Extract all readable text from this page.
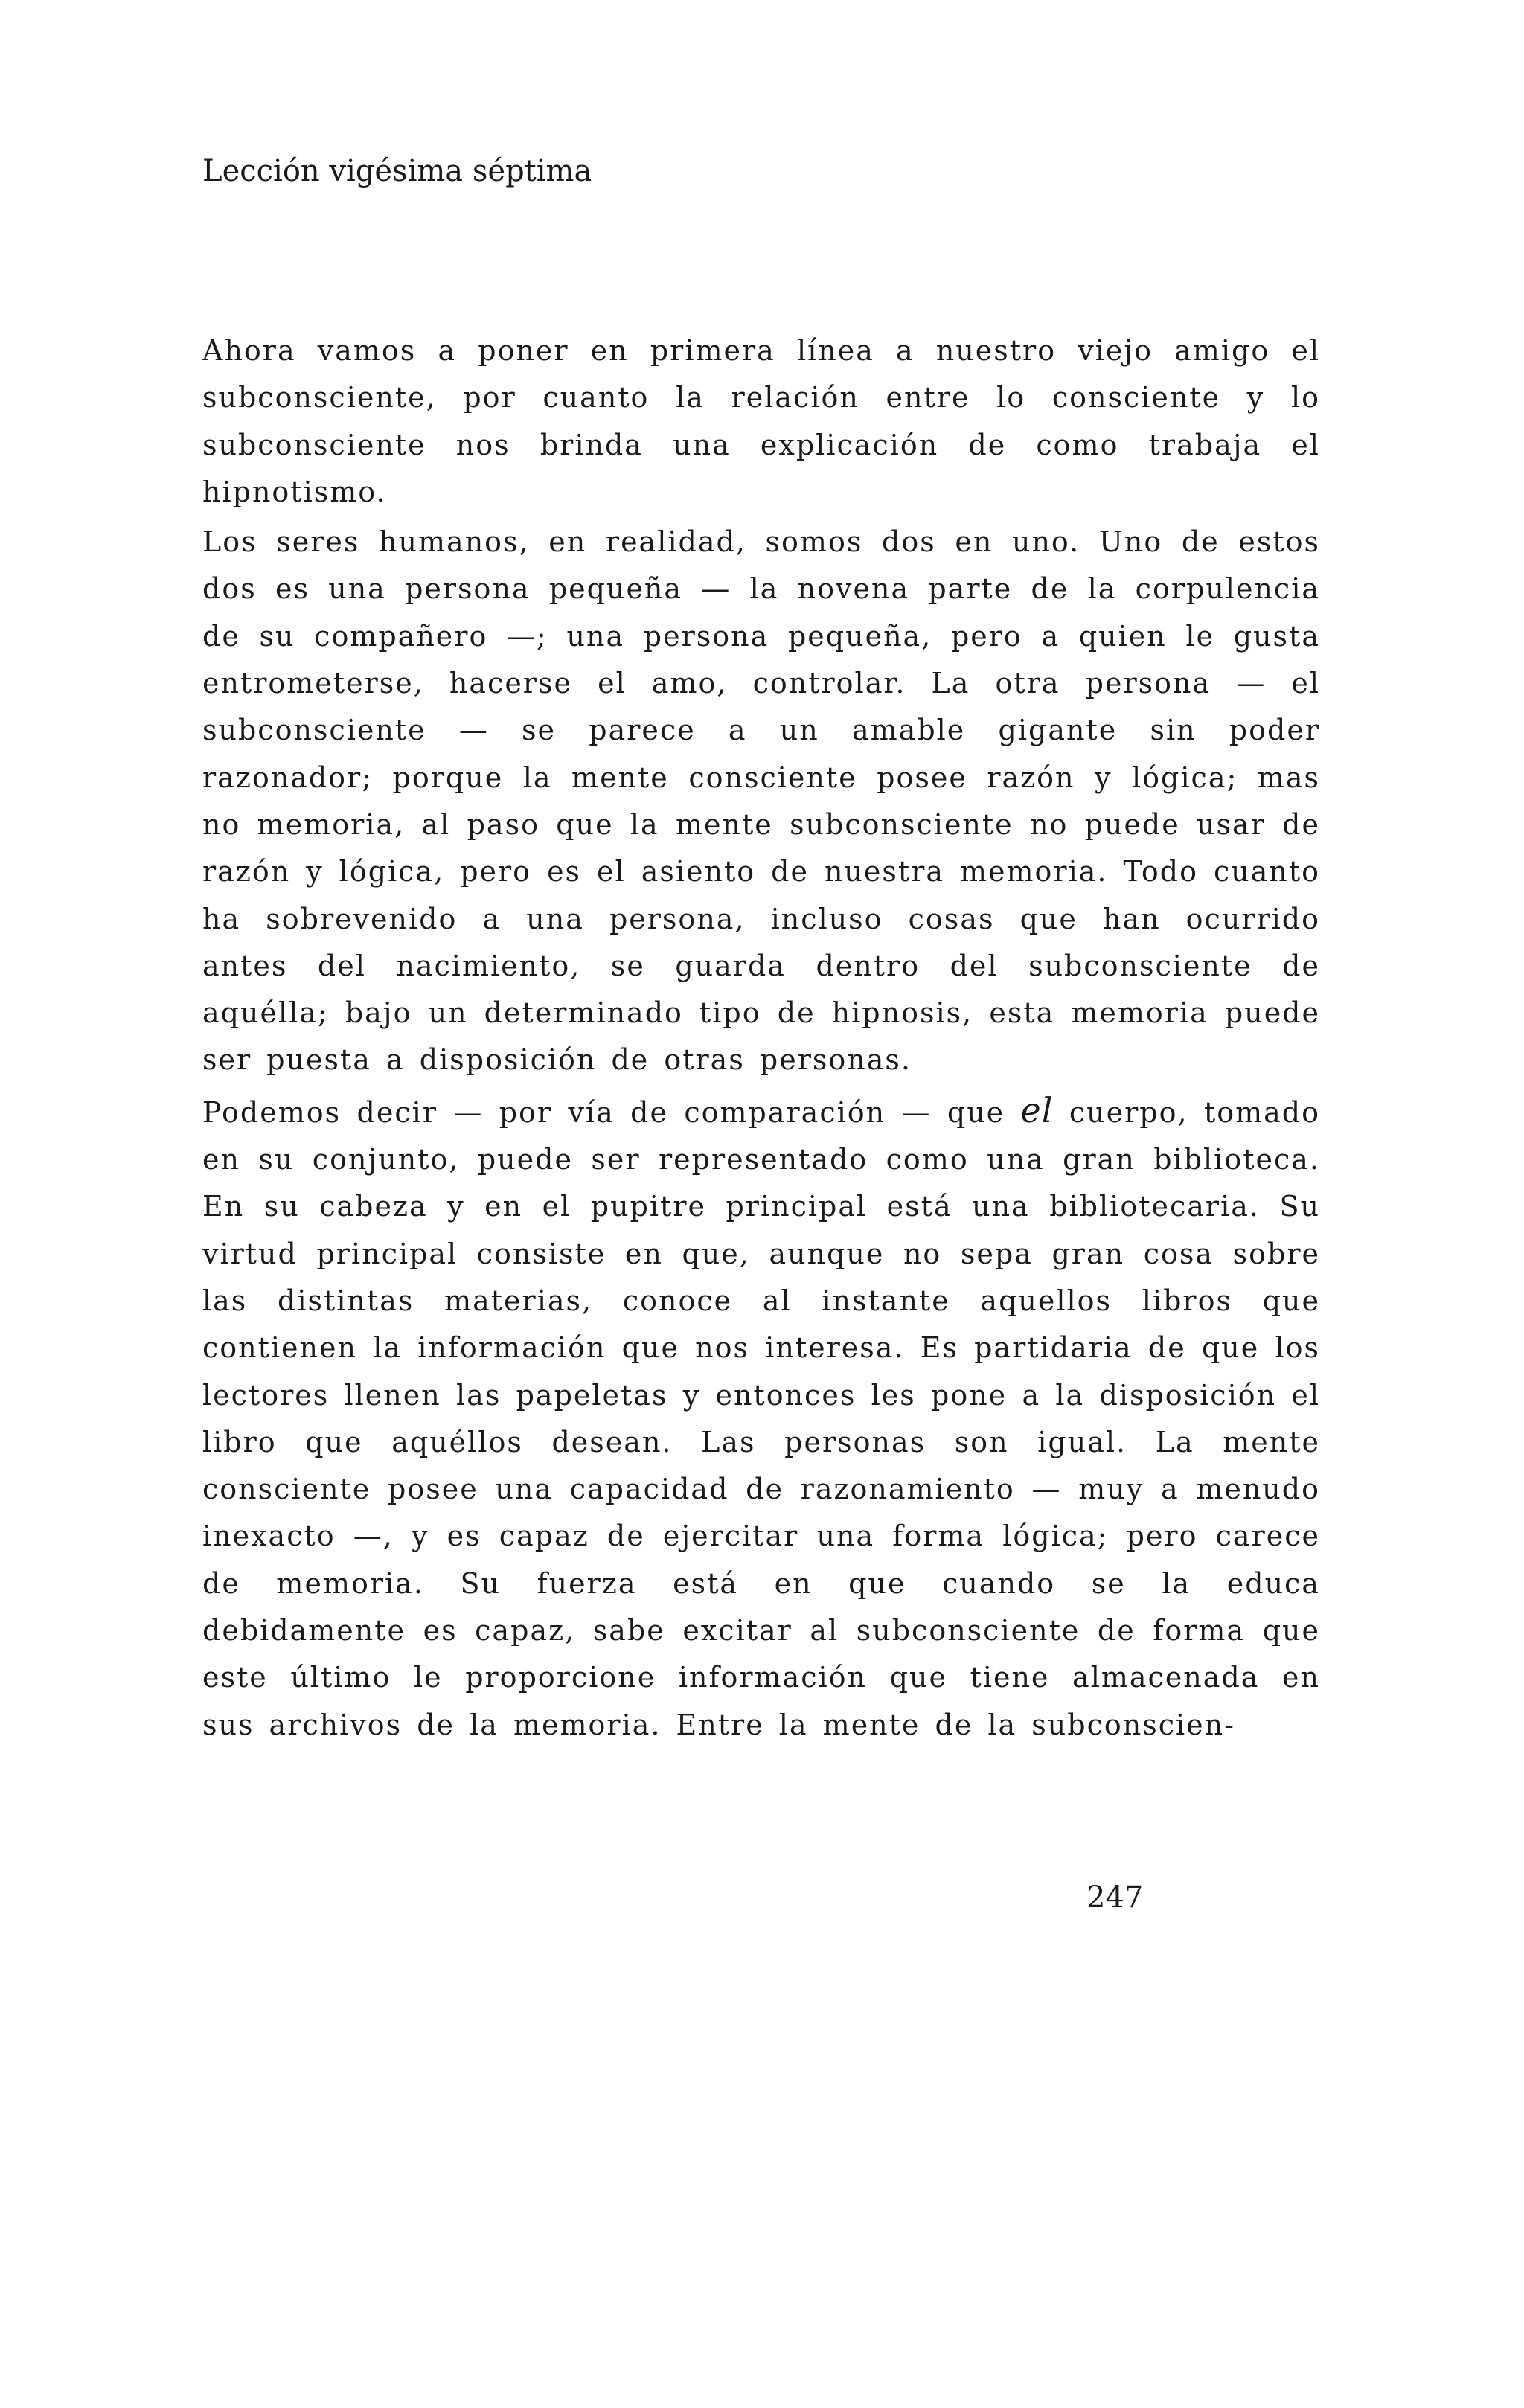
Lección vigésima séptima

Ahora vamos a poner en primera línea a nuestro viejo amigo el subconsciente, por cuanto la relación entre lo consciente y lo subconsciente nos brinda una explicación de como trabaja el hipnotismo.

Los seres humanos, en realidad, somos dos en uno. Uno de estos dos es una persona pequeña — la novena parte de la corpulencia de su compañero —; una persona pequeña, pero a quien le gusta entrometerse, hacerse el amo, controlar. La otra persona — el subconsciente — se parece a un amable gigante sin poder razonador; porque la mente consciente posee razón y lógica; mas no memoria, al paso que la mente subconsciente no puede usar de razón y lógica, pero es el asiento de nuestra memoria. Todo cuanto ha sobrevenido a una persona, incluso cosas que han ocurrido antes del nacimiento, se guarda dentro del subconsciente de aquélla; bajo un determinado tipo de hipnosis, esta memoria puede ser puesta a disposición de otras personas.

Podemos decir — por vía de comparación — que el cuerpo, tomado en su conjunto, puede ser representado como una gran biblioteca. En su cabeza y en el pupitre principal está una bibliotecaria. Su virtud principal consiste en que, aunque no sepa gran cosa sobre las distintas materias, conoce al instante aquellos libros que contienen la información que nos interesa. Es partidaria de que los lectores llenen las papeletas y entonces les pone a la disposición el libro que aquéllos desean. Las personas son igual. La mente consciente posee una capacidad de razonamiento — muy a menudo inexacto —, y es capaz de ejercitar una forma lógica; pero carece de memoria. Su fuerza está en que cuando se la educa debidamente es capaz, sabe excitar al subconsciente de forma que este último le proporcione información que tiene almacenada en sus archivos de la memoria. Entre la mente de la subconscien-

247
